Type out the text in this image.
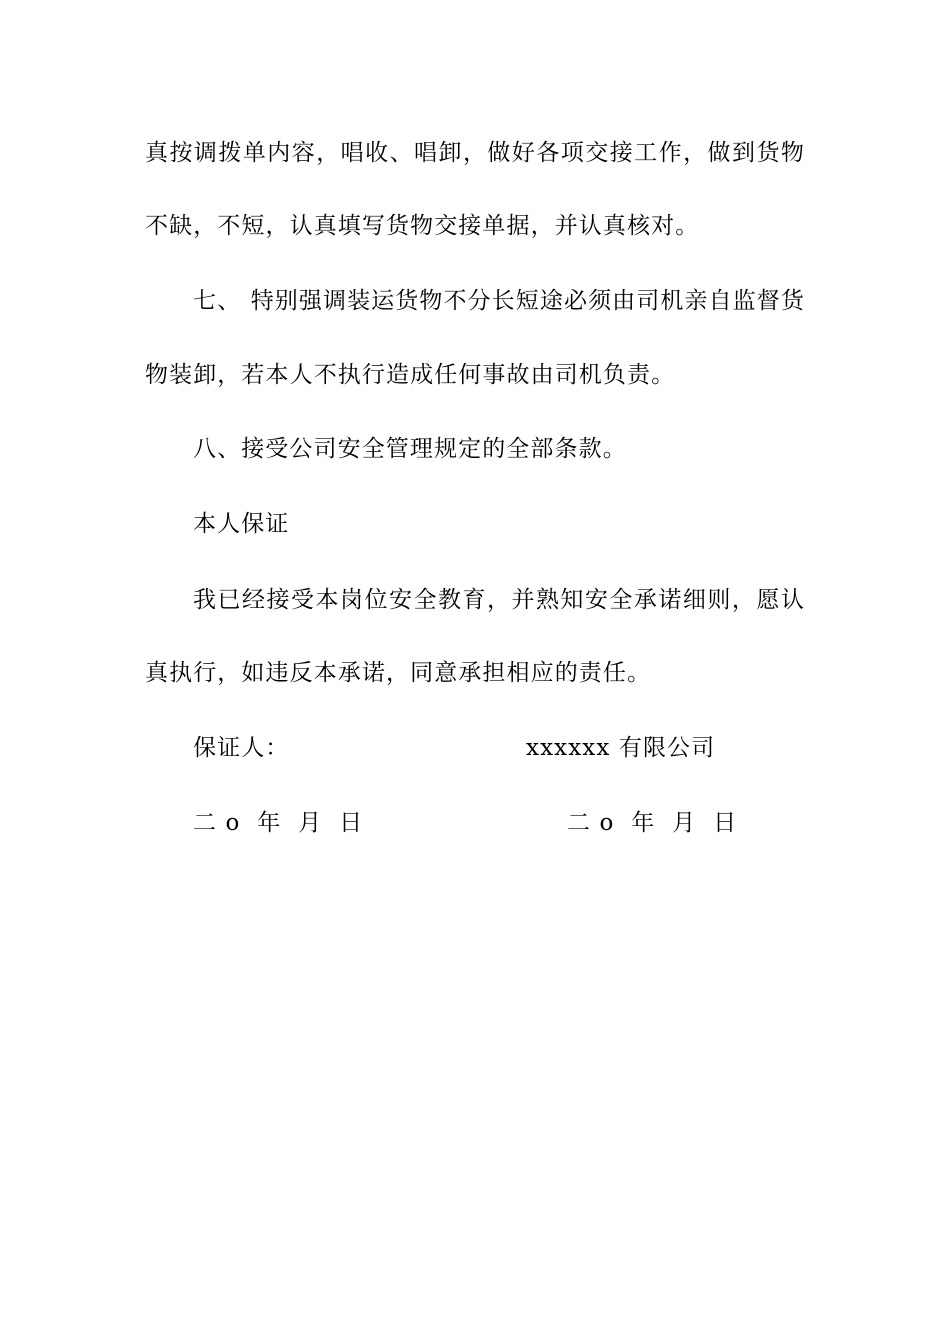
真按调拨单内容，唱收、唱卸，做好各项交接工作，做到货物
不缺，不短，认真填写货物交接单据，并认真核对。
七、 特别强调装运货物不分长短途必须由司机亲自监督货
物装卸，若本人不执行造成任何事故由司机负责。
八、接受公司安全管理规定的全部条款。
本人保证
我已经接受本岗位安全教育，并熟知安全承诺细则，愿认
真执行，如违反本承诺，同意承担相应的责任。
保证人：	xxxxxx 有限公司
二 o  年  月  日	二 o  年  月  日
